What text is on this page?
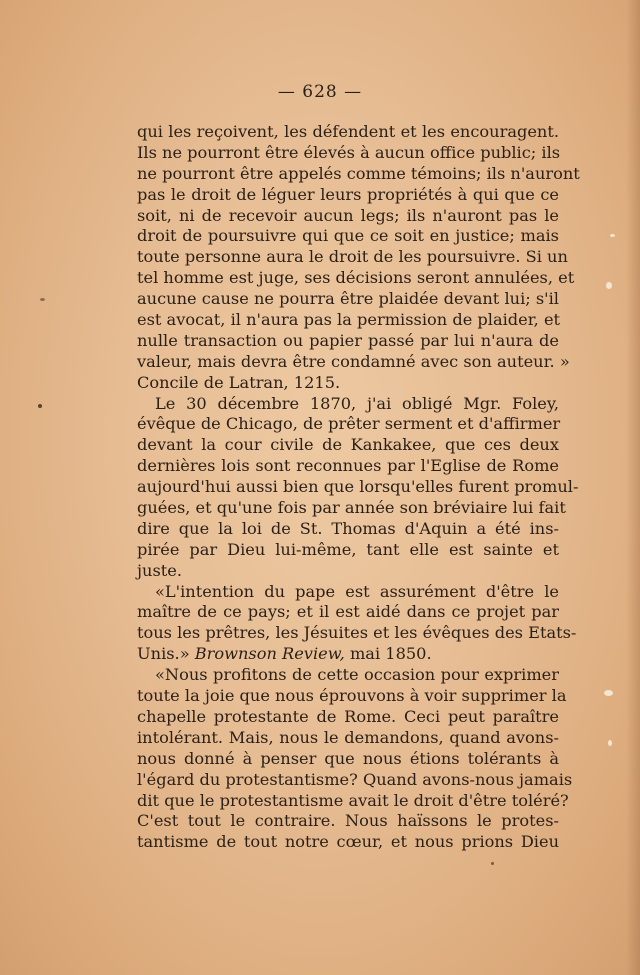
— 628 —
qui les reçoivent, les défendent et les encouragent.
Ils ne pourront être élevés à aucun office public; ils
ne pourront être appelés comme témoins; ils n'auront
pas le droit de léguer leurs propriétés à qui que ce
soit, ni de recevoir aucun legs; ils n'auront pas le
droit de poursuivre qui que ce soit en justice; mais
toute personne aura le droit de les poursuivre. Si un
tel homme est juge, ses décisions seront annulées, et
aucune cause ne pourra être plaidée devant lui; s'il
est avocat, il n'aura pas la permission de plaider, et
nulle transaction ou papier passé par lui n'aura de
valeur, mais devra être condamné avec son auteur. »
Concile de Latran, 1215.
Le 30 décembre 1870, j'ai obligé Mgr. Foley,
évêque de Chicago, de prêter serment et d'affirmer
devant la cour civile de Kankakee, que ces deux
dernières lois sont reconnues par l'Eglise de Rome
aujourd'hui aussi bien que lorsqu'elles furent promul-
guées, et qu'une fois par année son bréviaire lui fait
dire que la loi de St. Thomas d'Aquin a été ins-
pirée par Dieu lui-même, tant elle est sainte et
juste.
«L'intention du pape est assurément d'être le
maître de ce pays; et il est aidé dans ce projet par
tous les prêtres, les Jésuites et les évêques des Etats-
Unis.» Brownson Review, mai 1850.
«Nous profitons de cette occasion pour exprimer
toute la joie que nous éprouvons à voir supprimer la
chapelle protestante de Rome. Ceci peut paraître
intolérant. Mais, nous le demandons, quand avons-
nous donné à penser que nous étions tolérants à
l'égard du protestantisme? Quand avons-nous jamais
dit que le protestantisme avait le droit d'être toléré?
C'est tout le contraire. Nous haïssons le protes-
tantisme de tout notre cœur, et nous prions Dieu
